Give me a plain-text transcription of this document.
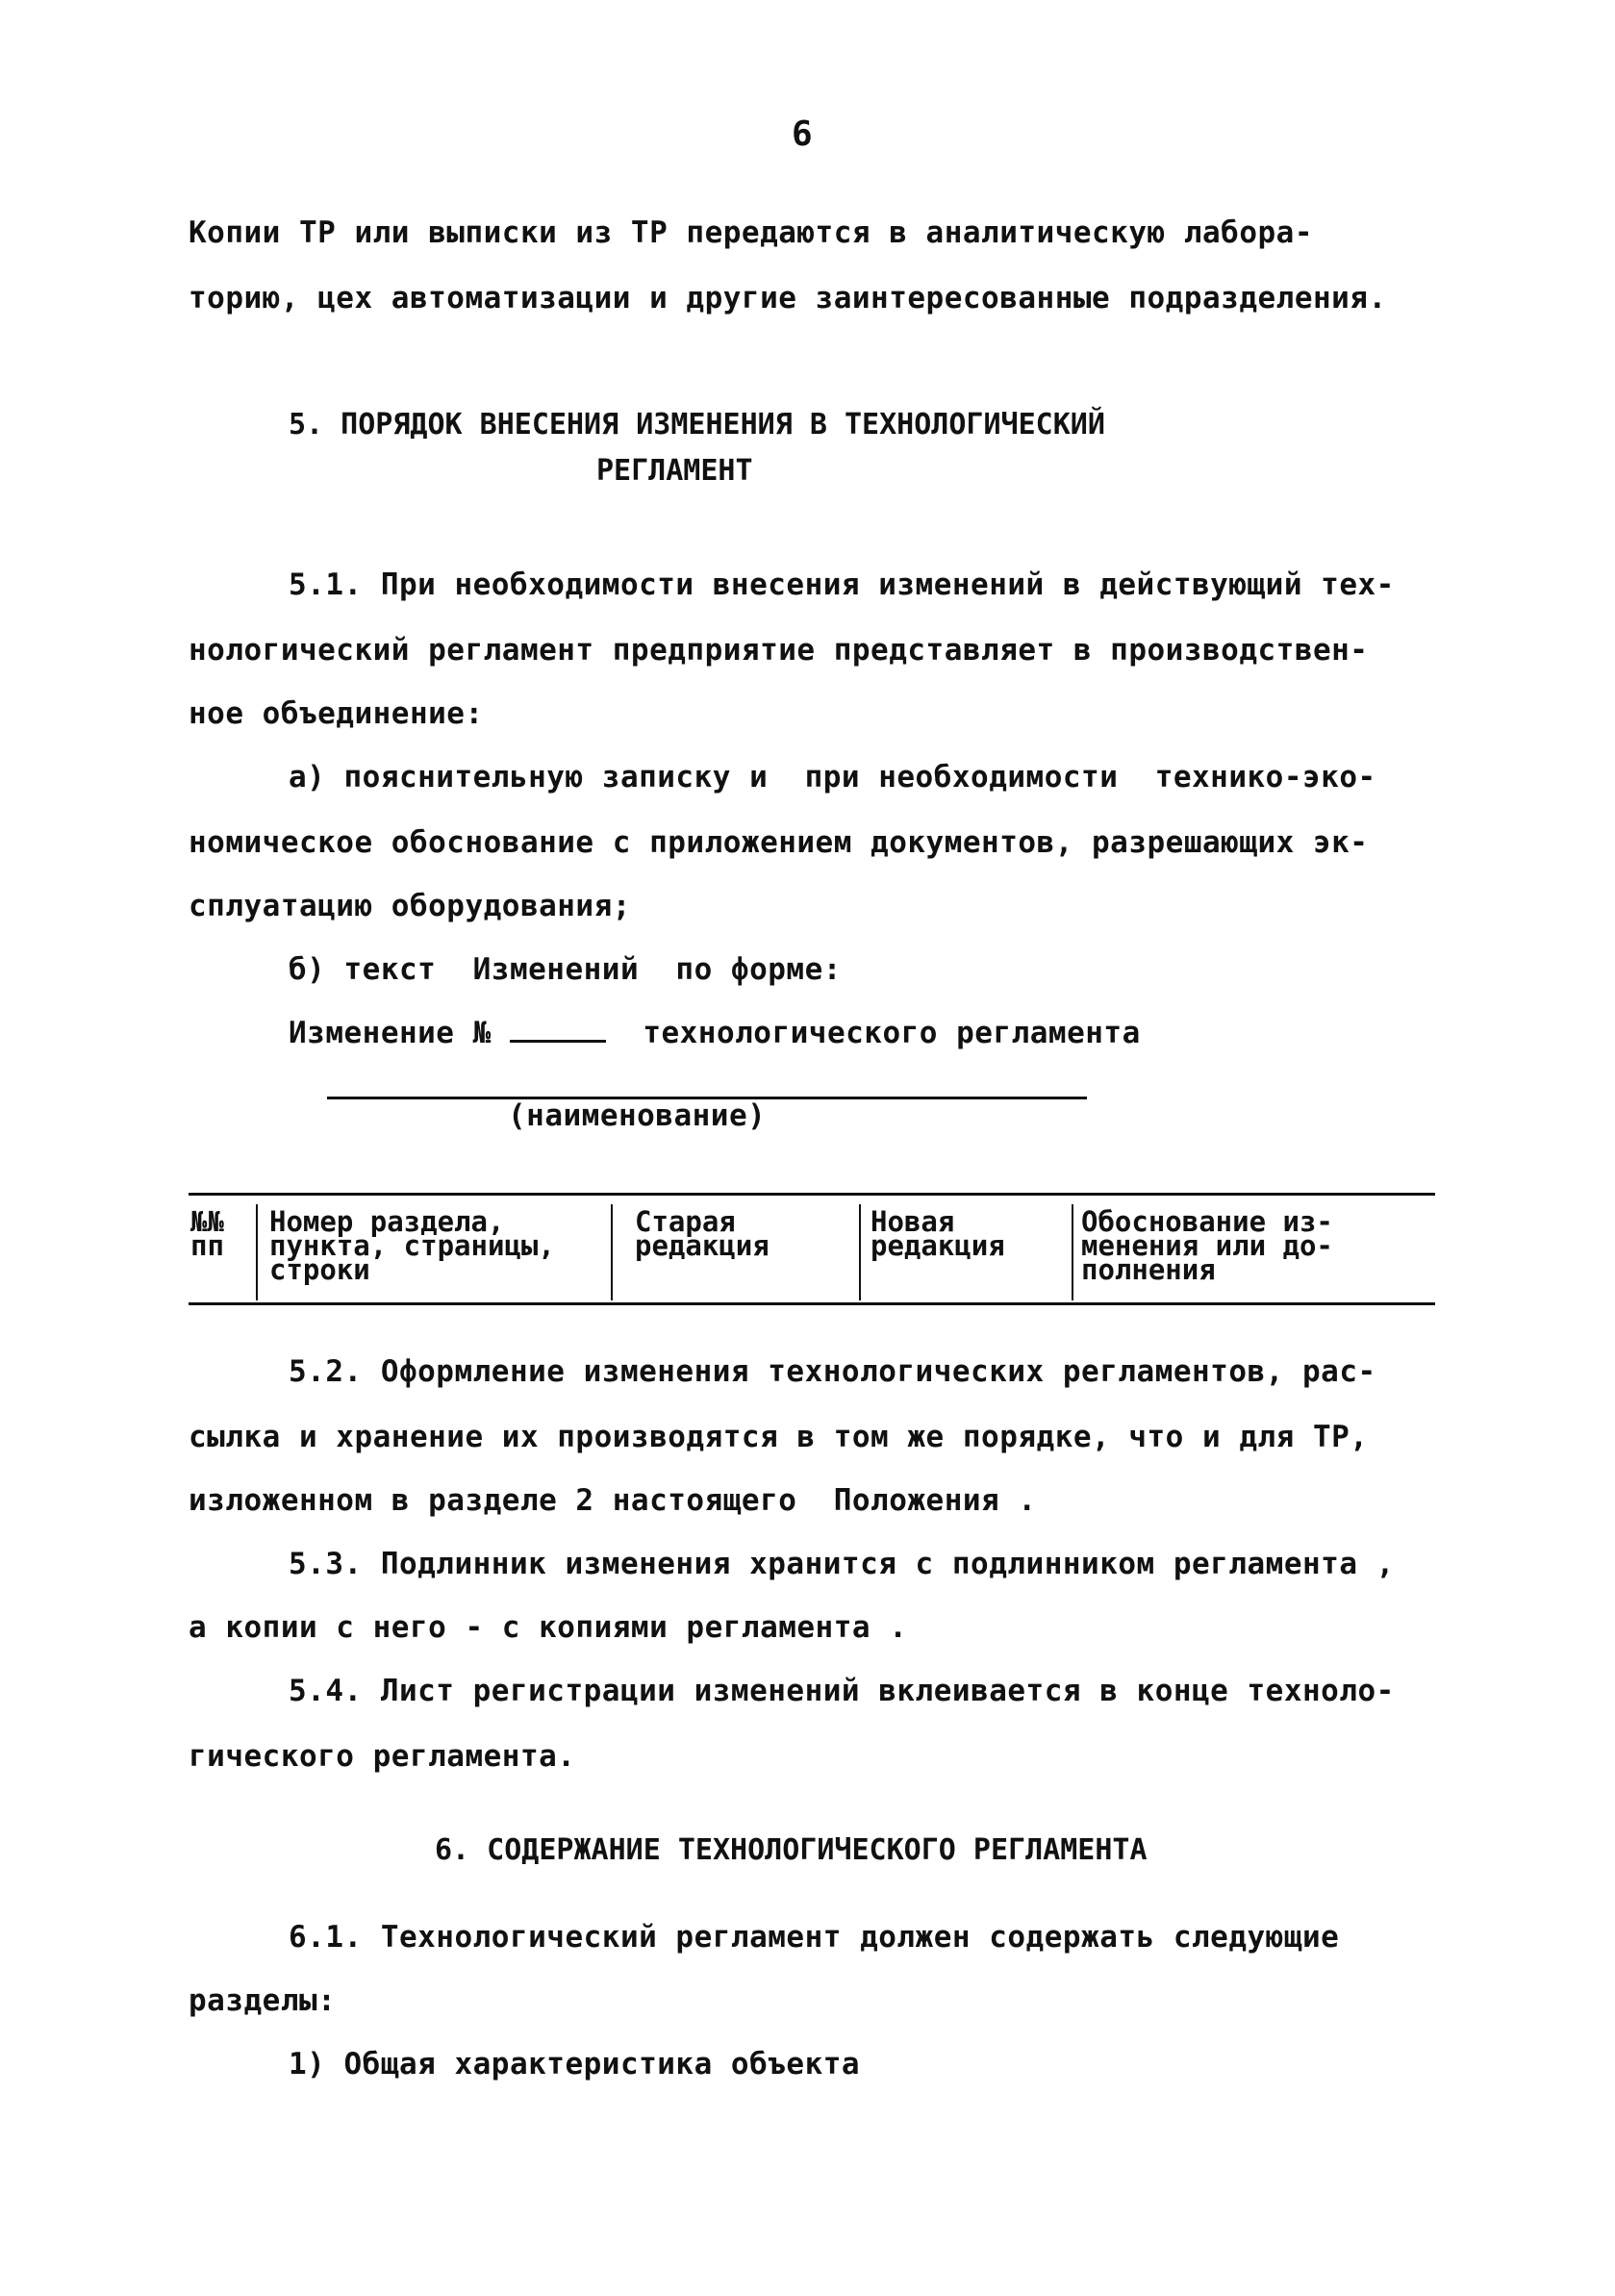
6
Копии ТР или выписки из ТР передаются в аналитическую лабора-
торию, цех автоматизации и другие заинтересованные подразделения.
5. ПОРЯДОК ВНЕСЕНИЯ ИЗМЕНЕНИЯ В ТЕХНОЛОГИЧЕСКИЙ
РЕГЛАМЕНТ
5.1. При необходимости внесения изменений в действующий тех-
нологический регламент предприятие представляет в производствен-
ное объединение:
а) пояснительную записку и  при необходимости  технико-эко-
номическое обоснование с приложением документов, разрешающих эк-
сплуатацию оборудования;
б) текст  Изменений  по форме:
Изменение №	технологического регламента
(наименование)
№№
пп
Номер раздела,
пункта, страницы,
строки
Старая
редакция
Новая
редакция
Обоснование из-
менения или до-
полнения
5.2. Оформление изменения технологических регламентов, рас-
сылка и хранение их производятся в том же порядке, что и для ТР,
изложенном в разделе 2 настоящего  Положения .
5.3. Подлинник изменения хранится с подлинником регламента ,
а копии с него - с копиями регламента .
5.4. Лист регистрации изменений вклеивается в конце техноло-
гического регламента.
6. СОДЕРЖАНИЕ ТЕХНОЛОГИЧЕСКОГО РЕГЛАМЕНТА
6.1. Технологический регламент должен содержать следующие
разделы:
1) Общая характеристика объекта
